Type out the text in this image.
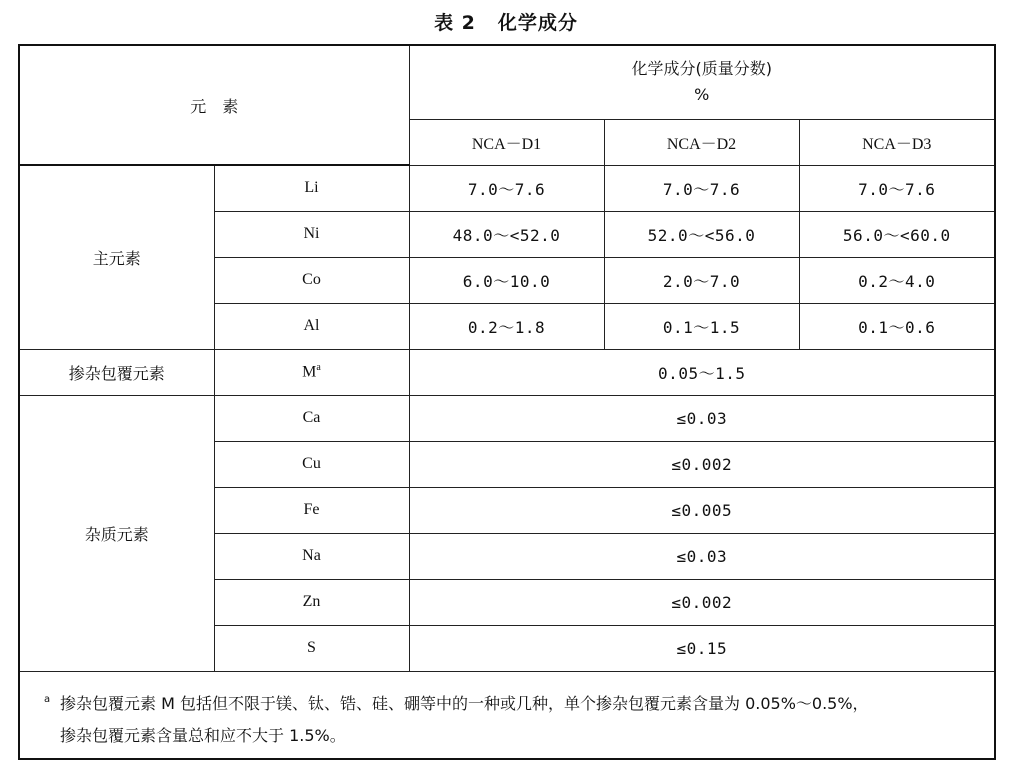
表 2 化学成分
元　素		化学成分(质量分数)
%		

		NCA－D1	NCA－D2	NCA－D3
主元素	Li	7.0～7.6	7.0～7.6	7.0～7.6
	Ni	48.0～<52.0	52.0～<56.0	56.0～<60.0
	Co	6.0～10.0	2.0～7.0	0.2～4.0
	Al	0.2～1.8	0.1～1.5	0.1～0.6
掺杂包覆元素	$M^a$	0.05～1.5		
杂质元素	Ca	≤0.03		
	Cu	≤0.002		
	Fe	≤0.005		
	Na	≤0.03		
	Zn	≤0.002		
	S	≤0.15		

a 掺杂包覆元素 M 包括但不限于镁、钛、锆、硅、硼等中的一种或几种，单个掺杂包覆元素含量为 0.05%～0.5%，
掺杂包覆元素含量总和应不大于 1.5%。				
